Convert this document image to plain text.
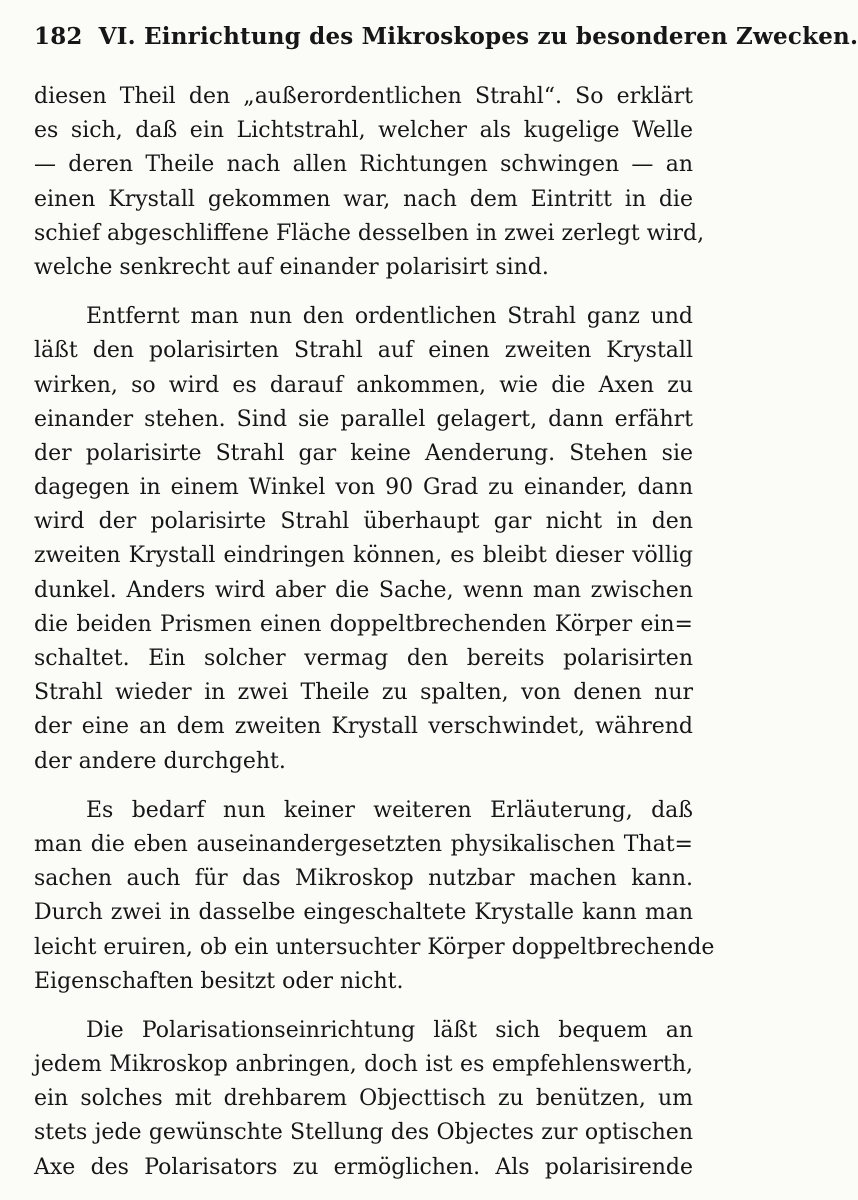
182 VI. Einrichtung des Mikroskopes zu besonderen Zwecken.
diesen Theil den „außerordentlichen Strahl“. So erklärt
es sich, daß ein Lichtstrahl, welcher als kugelige Welle
— deren Theile nach allen Richtungen schwingen — an
einen Krystall gekommen war, nach dem Eintritt in die
schief abgeschliffene Fläche desselben in zwei zerlegt wird,
welche senkrecht auf einander polarisirt sind.
Entfernt man nun den ordentlichen Strahl ganz und
läßt den polarisirten Strahl auf einen zweiten Krystall
wirken, so wird es darauf ankommen, wie die Axen zu
einander stehen. Sind sie parallel gelagert, dann erfährt
der polarisirte Strahl gar keine Aenderung. Stehen sie
dagegen in einem Winkel von 90 Grad zu einander, dann
wird der polarisirte Strahl überhaupt gar nicht in den
zweiten Krystall eindringen können, es bleibt dieser völlig
dunkel. Anders wird aber die Sache, wenn man zwischen
die beiden Prismen einen doppeltbrechenden Körper ein=
schaltet. Ein solcher vermag den bereits polarisirten
Strahl wieder in zwei Theile zu spalten, von denen nur
der eine an dem zweiten Krystall verschwindet, während
der andere durchgeht.
Es bedarf nun keiner weiteren Erläuterung, daß
man die eben auseinandergesetzten physikalischen That=
sachen auch für das Mikroskop nutzbar machen kann.
Durch zwei in dasselbe eingeschaltete Krystalle kann man
leicht eruiren, ob ein untersuchter Körper doppeltbrechende
Eigenschaften besitzt oder nicht.
Die Polarisationseinrichtung läßt sich bequem an
jedem Mikroskop anbringen, doch ist es empfehlenswerth,
ein solches mit drehbarem Objecttisch zu benützen, um
stets jede gewünschte Stellung des Objectes zur optischen
Axe des Polarisators zu ermöglichen. Als polarisirende
